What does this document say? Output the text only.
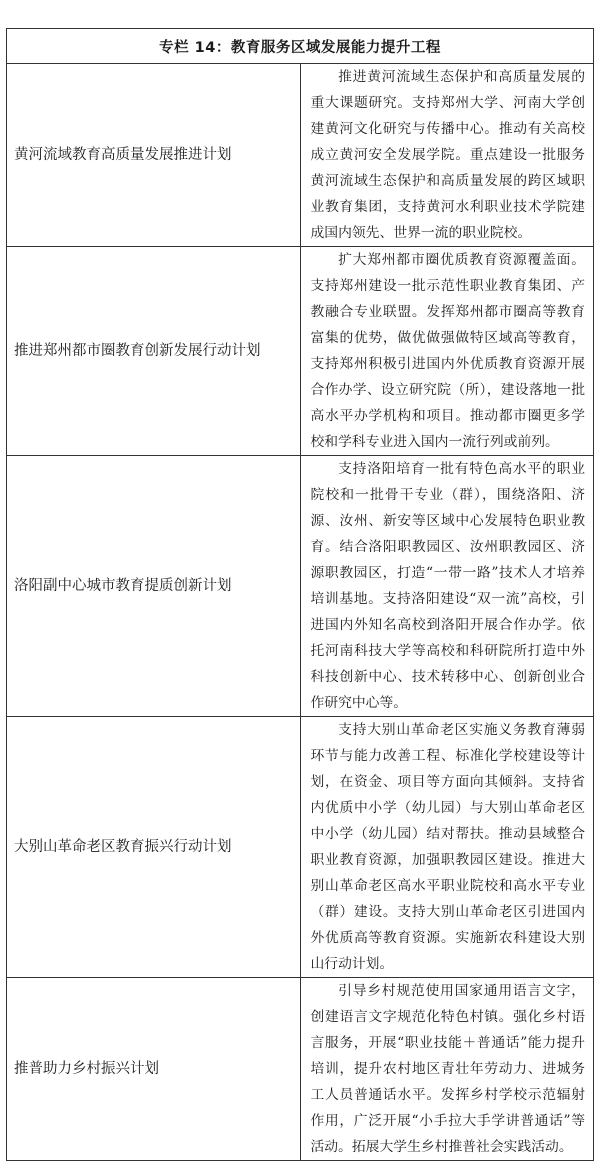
专栏 14：教育服务区域发展能力提升工程	
黄河流域教育高质量发展推进计划	推进黄河流域生态保护和高质量发展的重大课题研究。支持郑州大学、河南大学创建黄河文化研究与传播中心。推动有关高校成立黄河安全发展学院。重点建设一批服务黄河流域生态保护和高质量发展的跨区域职业教育集团，支持黄河水利职业技术学院建成国内领先、世界一流的职业院校。
推进郑州都市圈教育创新发展行动计划	扩大郑州都市圈优质教育资源覆盖面。支持郑州建设一批示范性职业教育集团、产教融合专业联盟。发挥郑州都市圈高等教育富集的优势，做优做强做特区域高等教育，支持郑州积极引进国内外优质教育资源开展合作办学、设立研究院（所），建设落地一批高水平办学机构和项目。推动都市圈更多学校和学科专业进入国内一流行列或前列。
洛阳副中心城市教育提质创新计划	支持洛阳培育一批有特色高水平的职业院校和一批骨干专业（群），围绕洛阳、济源、汝州、新安等区域中心发展特色职业教育。结合洛阳职教园区、汝州职教园区、济源职教园区，打造“一带一路”技术人才培养培训基地。支持洛阳建设“双一流”高校，引进国内外知名高校到洛阳开展合作办学。依托河南科技大学等高校和科研院所打造中外科技创新中心、技术转移中心、创新创业合作研究中心等。
大别山革命老区教育振兴行动计划	支持大别山革命老区实施义务教育薄弱环节与能力改善工程、标准化学校建设等计划，在资金、项目等方面向其倾斜。支持省内优质中小学（幼儿园）与大别山革命老区中小学（幼儿园）结对帮扶。推动县域整合职业教育资源，加强职教园区建设。推进大别山革命老区高水平职业院校和高水平专业（群）建设。支持大别山革命老区引进国内外优质高等教育资源。实施新农科建设大别山行动计划。
推普助力乡村振兴计划	引导乡村规范使用国家通用语言文字，创建语言文字规范化特色村镇。强化乡村语言服务，开展“职业技能＋普通话”能力提升培训，提升农村地区青壮年劳动力、进城务工人员普通话水平。发挥乡村学校示范辐射作用，广泛开展“小手拉大手学讲普通话”等活动。拓展大学生乡村推普社会实践活动。
